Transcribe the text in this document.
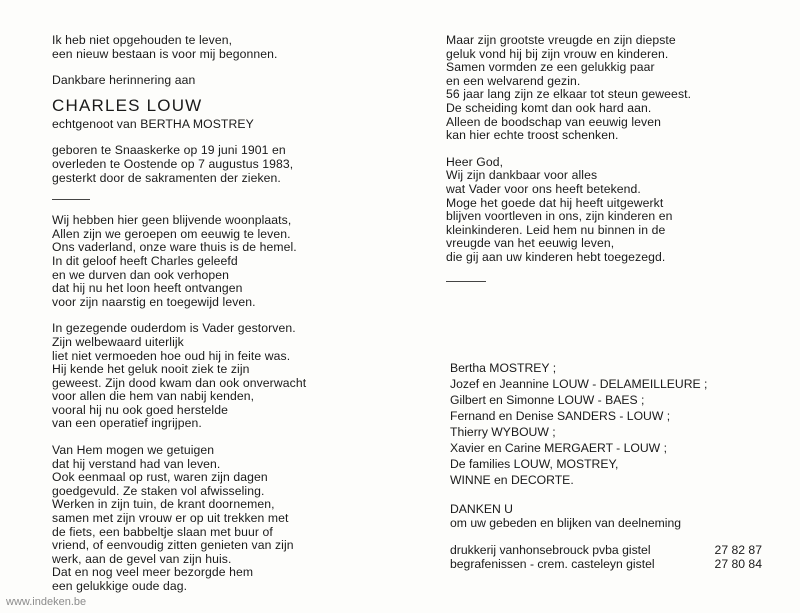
Ik heb niet opgehouden te leven,
een nieuw bestaan is voor mij begonnen.
Dankbare herinnering aan
CHARLES LOUW
echtgenoot van BERTHA MOSTREY
geboren te Snaaskerke op 19 juni 1901 en
overleden te Oostende op 7 augustus 1983,
gesterkt door de sakramenten der zieken.
Wij hebben hier geen blijvende woonplaats,
Allen zijn we geroepen om eeuwig te leven.
Ons vaderland, onze ware thuis is de hemel.
In dit geloof heeft Charles geleefd
en we durven dan ook verhopen
dat hij nu het loon heeft ontvangen
voor zijn naarstig en toegewijd leven.
In gezegende ouderdom is Vader gestorven.
Zijn welbewaard uiterlijk
liet niet vermoeden hoe oud hij in feite was.
Hij kende het geluk nooit ziek te zijn
geweest. Zijn dood kwam dan ook onverwacht
voor allen die hem van nabij kenden,
vooral hij nu ook goed herstelde
van een operatief ingrijpen.
Van Hem mogen we getuigen
dat hij verstand had van leven.
Ook eenmaal op rust, waren zijn dagen
goedgevuld. Ze staken vol afwisseling.
Werken in zijn tuin, de krant doornemen,
samen met zijn vrouw er op uit trekken met
de fiets, een babbeltje slaan met buur of
vriend, of eenvoudig zitten genieten van zijn
werk, aan de gevel van zijn huis.
Dat en nog veel meer bezorgde hem
een gelukkige oude dag.
Maar zijn grootste vreugde en zijn diepste
geluk vond hij bij zijn vrouw en kinderen.
Samen vormden ze een gelukkig paar
en een welvarend gezin.
56 jaar lang zijn ze elkaar tot steun geweest.
De scheiding komt dan ook hard aan.
Alleen de boodschap van eeuwig leven
kan hier echte troost schenken.
Heer God,
Wij zijn dankbaar voor alles
wat Vader voor ons heeft betekend.
Moge het goede dat hij heeft uitgewerkt
blijven voortleven in ons, zijn kinderen en
kleinkinderen. Leid hem nu binnen in de
vreugde van het eeuwig leven,
die gij aan uw kinderen hebt toegezegd.
Bertha MOSTREY ;
Jozef en Jeannine LOUW - DELAMEILLEURE ;
Gilbert en Simonne LOUW - BAES ;
Fernand en Denise SANDERS - LOUW ;
Thierry WYBOUW ;
Xavier en Carine MERGAERT - LOUW ;
De families LOUW, MOSTREY,
WINNE en DECORTE.
DANKEN U
om uw gebeden en blijken van deelneming
drukkerij vanhonsebrouck pvba gistel	27 82 87
begrafenissen - crem. casteleyn gistel	27 80 84
www.indeken.be
